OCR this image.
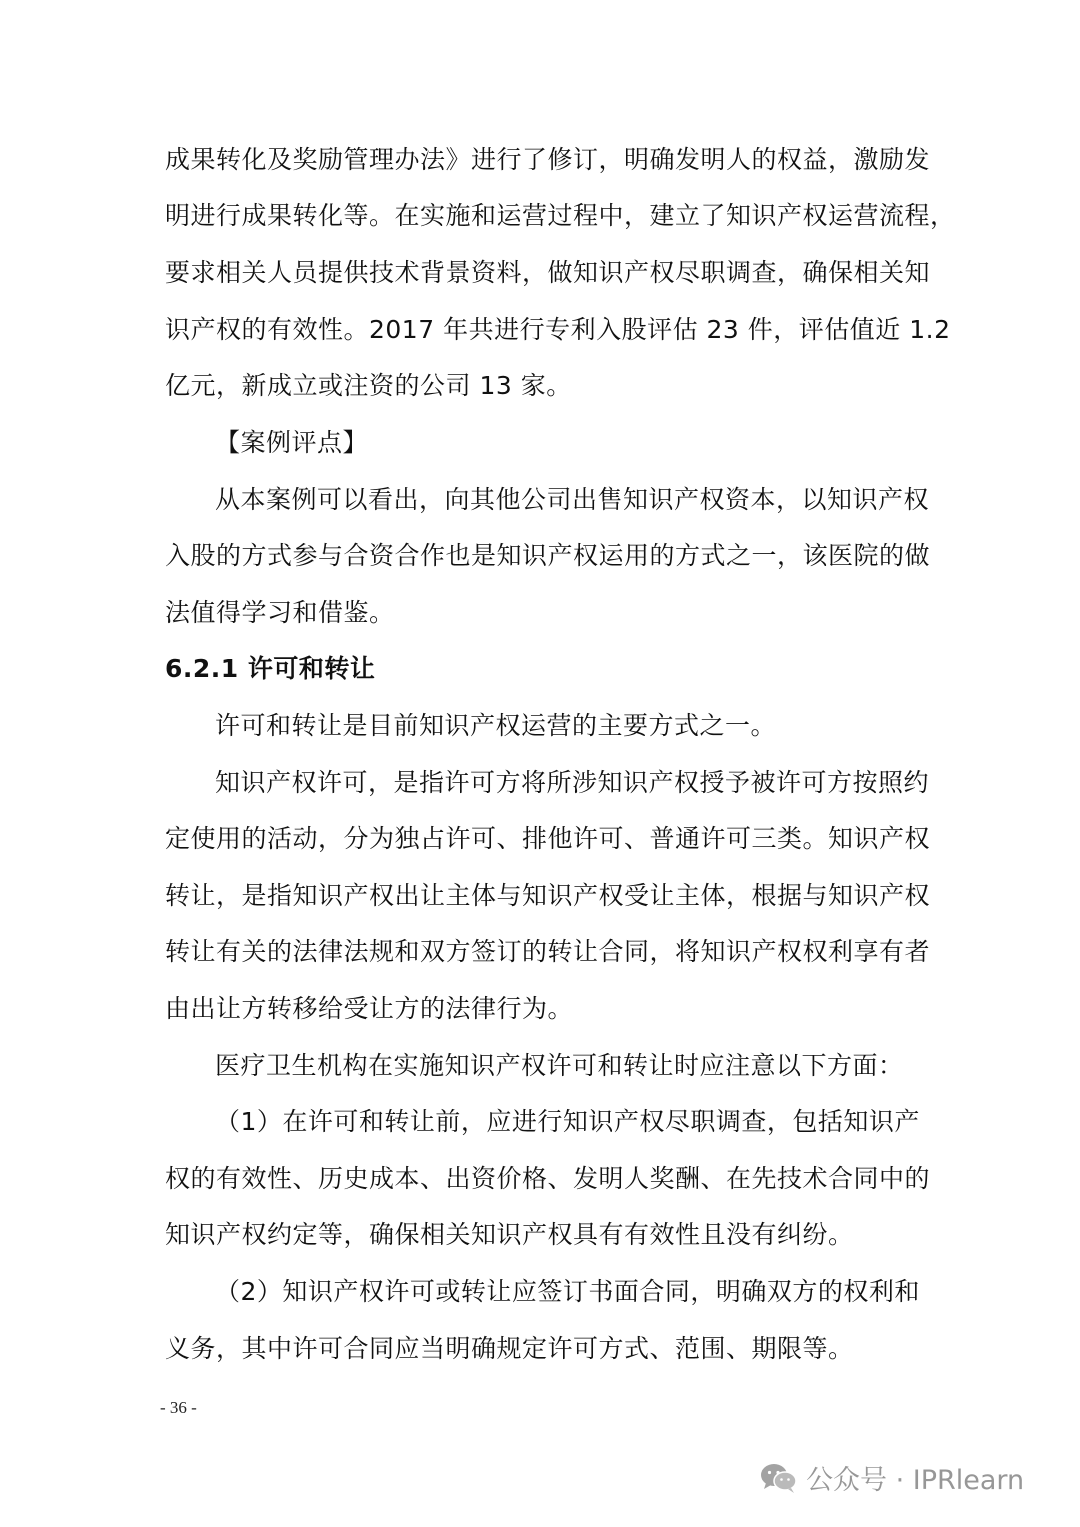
成果转化及奖励管理办法》进行了修订，明确发明人的权益，激励发
明进行成果转化等。在实施和运营过程中，建立了知识产权运营流程，
要求相关人员提供技术背景资料，做知识产权尽职调查，确保相关知
识产权的有效性。2017 年共进行专利入股评估 23 件，评估值近 1.2
亿元，新成立或注资的公司 13 家。
【案例评点】
从本案例可以看出，向其他公司出售知识产权资本，以知识产权
入股的方式参与合资合作也是知识产权运用的方式之一，该医院的做
法值得学习和借鉴。
6.2.1 许可和转让
许可和转让是目前知识产权运营的主要方式之一。
知识产权许可，是指许可方将所涉知识产权授予被许可方按照约
定使用的活动，分为独占许可、排他许可、普通许可三类。知识产权
转让，是指知识产权出让主体与知识产权受让主体，根据与知识产权
转让有关的法律法规和双方签订的转让合同，将知识产权权利享有者
由出让方转移给受让方的法律行为。
医疗卫生机构在实施知识产权许可和转让时应注意以下方面：
（1）在许可和转让前，应进行知识产权尽职调查，包括知识产
权的有效性、历史成本、出资价格、发明人奖酬、在先技术合同中的
知识产权约定等，确保相关知识产权具有有效性且没有纠纷。
（2）知识产权许可或转让应签订书面合同，明确双方的权利和
义务，其中许可合同应当明确规定许可方式、范围、期限等。
- 36 -
公众号 · IPRlearn
